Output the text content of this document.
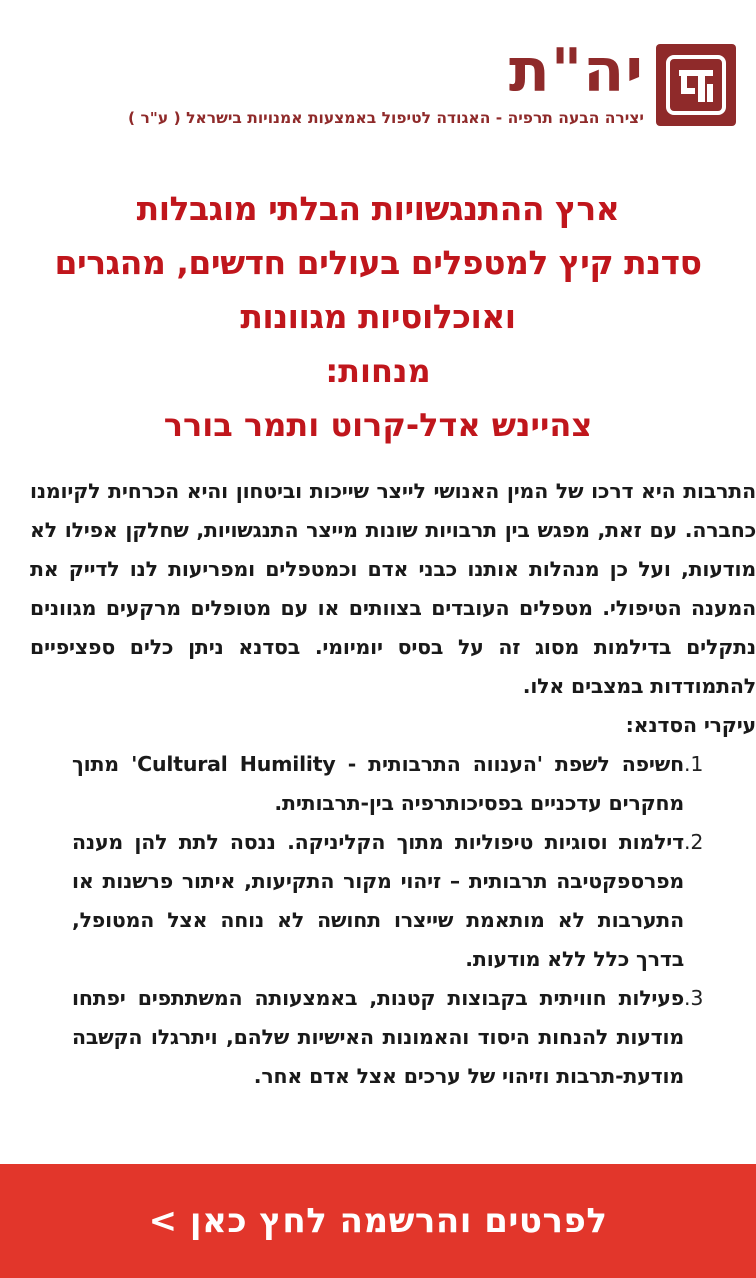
יה"ת
יצירה הבעה תרפיה - האגודה לטיפול באמצעות אמנויות בישראל ( ע"ר )
ארץ ההתנגשויות הבלתי מוגבלות
סדנת קיץ למטפלים בעולים חדשים, מהגרים
ואוכלוסיות מגוונות
מנחות:
צהיינש אדל-קרוט ותמר בורר

התרבות היא דרכו של המין האנושי לייצר שייכות וביטחון והיא הכרחית לקיומנו כחברה. עם זאת, מפגש בין תרבויות שונות מייצר התנגשויות, שחלקן אפילו לא מודעות, ועל כן מנהלות אותנו כבני אדם וכמטפלים ומפריעות לנו לדייק את המענה הטיפולי. מטפלים העובדים בצוותים או עם מטופלים מרקעים מגוונים נתקלים בדילמות מסוג זה על בסיס יומיומי. בסדנא ניתן כלים ספציפיים להתמודדות במצבים אלו.

עיקרי הסדנא:

1.
חשיפה לשפת 'הענווה התרבותית - Cultural Humility' מתוך מחקרים עדכניים בפסיכותרפיה בין-תרבותית.
2.
דילמות וסוגיות טיפוליות מתוך הקליניקה. ננסה לתת להן מענה מפרספקטיבה תרבותית – זיהוי מקור התקיעות, איתור פרשנות או התערבות לא מותאמת שייצרו תחושה לא נוחה אצל המטופל, בדרך כלל ללא מודעות.
3.
פעילות חוויתית בקבוצות קטנות, באמצעותה המשתתפים יפתחו מודעות להנחות היסוד והאמונות האישיות שלהם, ויתרגלו הקשבה מודעת-תרבות וזיהוי של ערכים אצל אדם אחר.
לפרטים והרשמה לחץ כאן >
